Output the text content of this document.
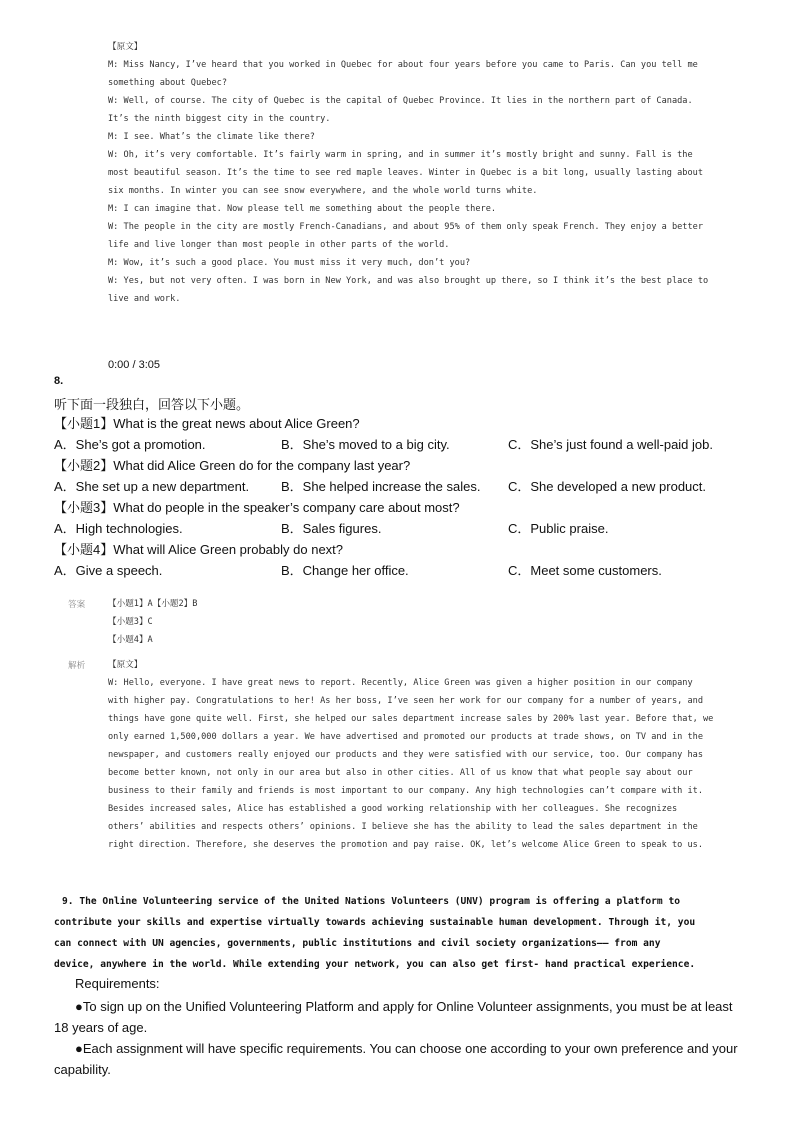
【原文】
M: Miss Nancy, I’ve heard that you worked in Quebec for about four years before you came to Paris. Can you tell me
something about Quebec?
W: Well, of course. The city of Quebec is the capital of Quebec Province. It lies in the northern part of Canada.
It’s the ninth biggest city in the country.
M: I see. What’s the climate like there?
W: Oh, it’s very comfortable. It’s fairly warm in spring, and in summer it’s mostly bright and sunny. Fall is the
most beautiful season. It’s the time to see red maple leaves. Winter in Quebec is a bit long, usually lasting about
six months. In winter you can see snow everywhere, and the whole world turns white.
M: I can imagine that. Now please tell me something about the people there.
W: The people in the city are mostly French-Canadians, and about 95% of them only speak French. They enjoy a better
life and live longer than most people in other parts of the world.
M: Wow, it’s such a good place. You must miss it very much, don’t you?
W: Yes, but not very often. I was born in New York, and was also brought up there, so I think it’s the best place to
live and work.
0:00 / 3:05
8.
听下面一段独白，回答以下小题。
【小题1】What is the great news about Alice Green?
A．She’s got a promotion.	B．She’s moved to a big city.	C．She’s just found a well-paid job.
【小题2】What did Alice Green do for the company last year?
A．She set up a new department. B．She helped increase the sales. C．She developed a new product.
【小题3】What do people in the speaker’s company care about most?
A．High technologies.	B．Sales figures.	C．Public praise.
【小题4】What will Alice Green probably do next?
A．Give a speech.	B．Change her office.	C．Meet some customers.
答案	【小题1】A【小题2】B
【小题3】C
【小题4】A
解析	【原文】
W: Hello, everyone. I have great news to report. Recently, Alice Green was given a higher position in our company
with higher pay. Congratulations to her! As her boss, I’ve seen her work for our company for a number of years, and
things have gone quite well. First, she helped our sales department increase sales by 200% last year. Before that, we
only earned 1,500,000 dollars a year. We have advertised and promoted our products at trade shows, on TV and in the
newspaper, and customers really enjoyed our products and they were satisfied with our service, too. Our company has
become better known, not only in our area but also in other cities. All of us know that what people say about our
business to their family and friends is most important to our company. Any high technologies can’t compare with it.
Besides increased sales, Alice has established a good working relationship with her colleagues. She recognizes
others’ abilities and respects others’ opinions. I believe she has the ability to lead the sales department in the
right direction. Therefore, she deserves the promotion and pay raise. OK, let’s welcome Alice Green to speak to us.
9. The Online Volunteering service of the United Nations Volunteers (UNV) program is offering a platform to
contribute your skills and expertise virtually towards achieving sustainable human development. Through it, you
can connect with UN agencies, governments, public institutions and civil society organizations—— from any
device, anywhere in the world. While extending your network, you can also get first- hand practical experience.
Requirements:
●To sign up on the Unified Volunteering Platform and apply for Online Volunteer assignments, you must be at least 18 years of age.
●Each assignment will have specific requirements. You can choose one according to your own preference and your capability.
